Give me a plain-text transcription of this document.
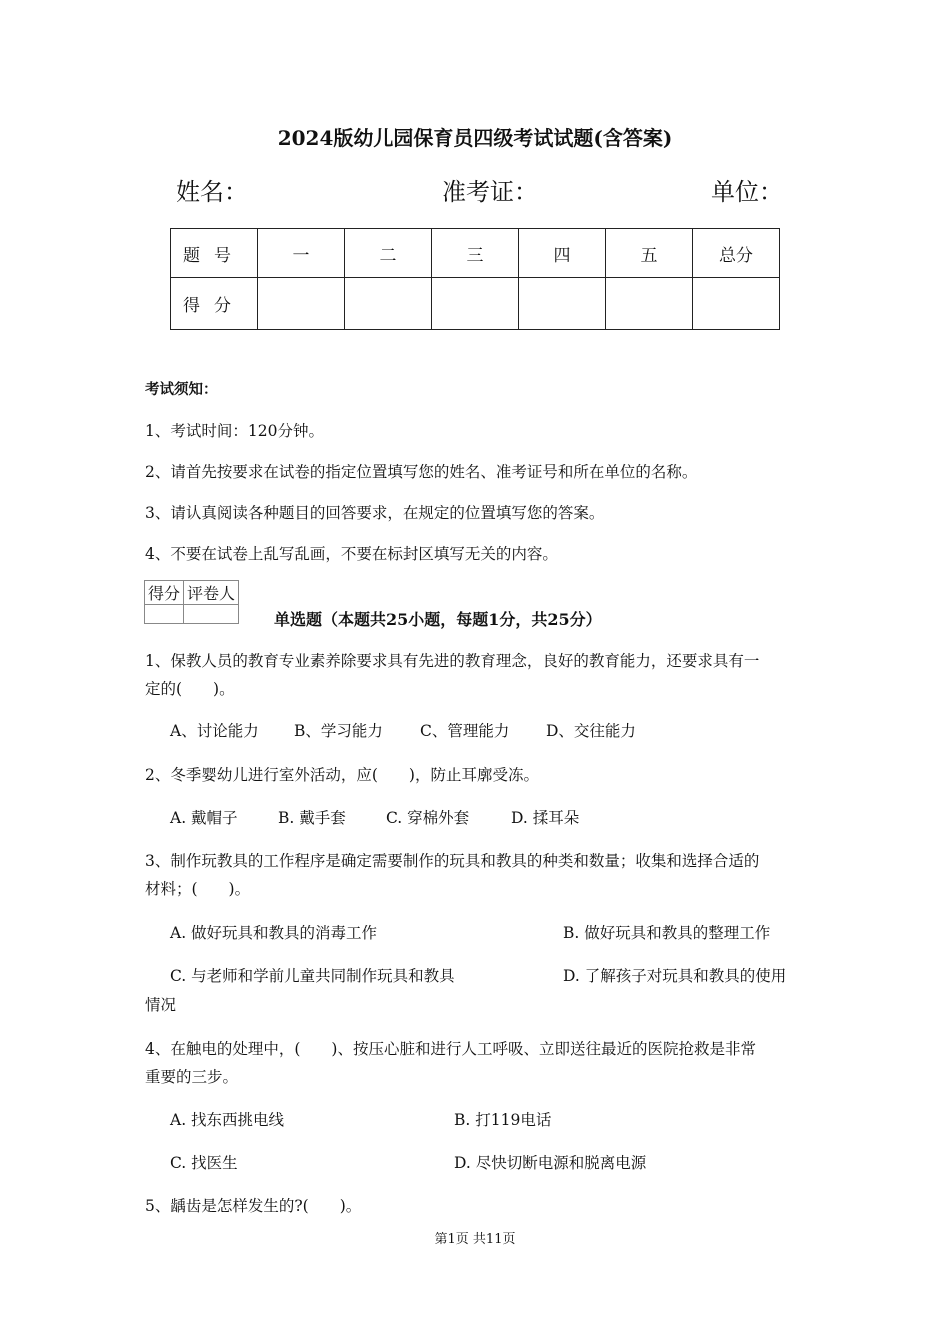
2024版幼儿园保育员四级考试试题(含答案)
姓名：	准考证：	单位：
题号	一	二	三	四	五	总分
得分						
考试须知：
1、考试时间：120分钟。
2、请首先按要求在试卷的指定位置填写您的姓名、准考证号和所在单位的名称。
3、请认真阅读各种题目的回答要求，在规定的位置填写您的答案。
4、不要在试卷上乱写乱画，不要在标封区填写无关的内容。
得分	评卷人

单选题（本题共25小题，每题1分，共25分）
1、保教人员的教育专业素养除要求具有先进的教育理念，良好的教育能力，还要求具有一
定的(　　)。
A、讨论能力 B、学习能力 C、管理能力 D、交往能力
2、冬季婴幼儿进行室外活动，应(　　)，防止耳廓受冻。
A. 戴帽子	B. 戴手套	C. 穿棉外套	D. 揉耳朵
3、制作玩教具的工作程序是确定需要制作的玩具和教具的种类和数量；收集和选择合适的
材料；(　　)。
A. 做好玩具和教具的消毒工作	B. 做好玩具和教具的整理工作
C. 与老师和学前儿童共同制作玩具和教具	D. 了解孩子对玩具和教具的使用
情况
4、在触电的处理中，(　　)、按压心脏和进行人工呼吸、立即送往最近的医院抢救是非常
重要的三步。
A. 找东西挑电线	B. 打119电话
C. 找医生	D. 尽快切断电源和脱离电源
5、龋齿是怎样发生的?(　　)。
第1页 共11页
